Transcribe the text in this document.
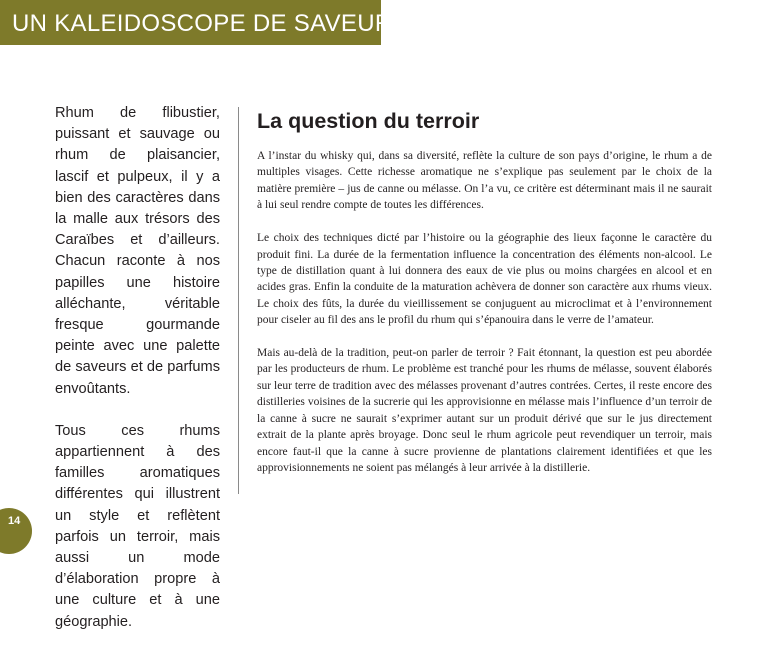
UN KALEIDOSCOPE DE SAVEURS

Rhum de flibustier, puissant et sauvage ou rhum de plaisancier, lascif et pulpeux, il y a bien des caractères dans la malle aux trésors des Caraïbes et d’ailleurs. Chacun raconte à nos papilles une histoire alléchante, véritable fresque gourmande peinte avec une palette de saveurs et de parfums envoûtants.

Tous ces rhums appartiennent à des familles aromatiques différentes qui illustrent un style et reflètent parfois un terroir, mais aussi un mode d’élaboration propre à une culture et à une géographie.

La question du terroir

A l’instar du whisky qui, dans sa diversité, reflète la culture de son pays d’origine, le rhum a de multiples visages. Cette richesse aromatique ne s’explique pas seulement par le choix de la matière première – jus de canne ou mélasse. On l’a vu, ce critère est déterminant mais il ne saurait à lui seul rendre compte de toutes les différences.

Le choix des techniques dicté par l’histoire ou la géographie des lieux façonne le caractère du produit fini. La durée de la fermentation influence la concentration des éléments non-alcool. Le type de distillation quant à lui donnera des eaux de vie plus ou moins chargées en alcool et en acides gras. Enfin la conduite de la maturation achèvera de donner son caractère aux rhums vieux. Le choix des fûts, la durée du vieillissement se conjuguent au microclimat et à l’environnement pour ciseler au fil des ans le profil du rhum qui s’épanouira dans le verre de l’amateur.

Mais au-delà de la tradition, peut-on parler de terroir ? Fait étonnant, la question est peu abordée par les producteurs de rhum. Le problème est tranché pour les rhums de mélasse, souvent élaborés sur leur terre de tradition avec des mélasses provenant d’autres contrées. Certes, il reste encore des distilleries voisines de la sucrerie qui les approvisionne en mélasse mais l’influence d’un terroir de la canne à sucre ne saurait s’exprimer autant sur un produit dérivé que sur le jus directement extrait de la plante après broyage. Donc seul le rhum agricole peut revendiquer un terroir, mais encore faut-il que la canne à sucre provienne de plantations clairement identifiées et que les approvisionnements ne soient pas mélangés à leur arrivée à la distillerie.

14
